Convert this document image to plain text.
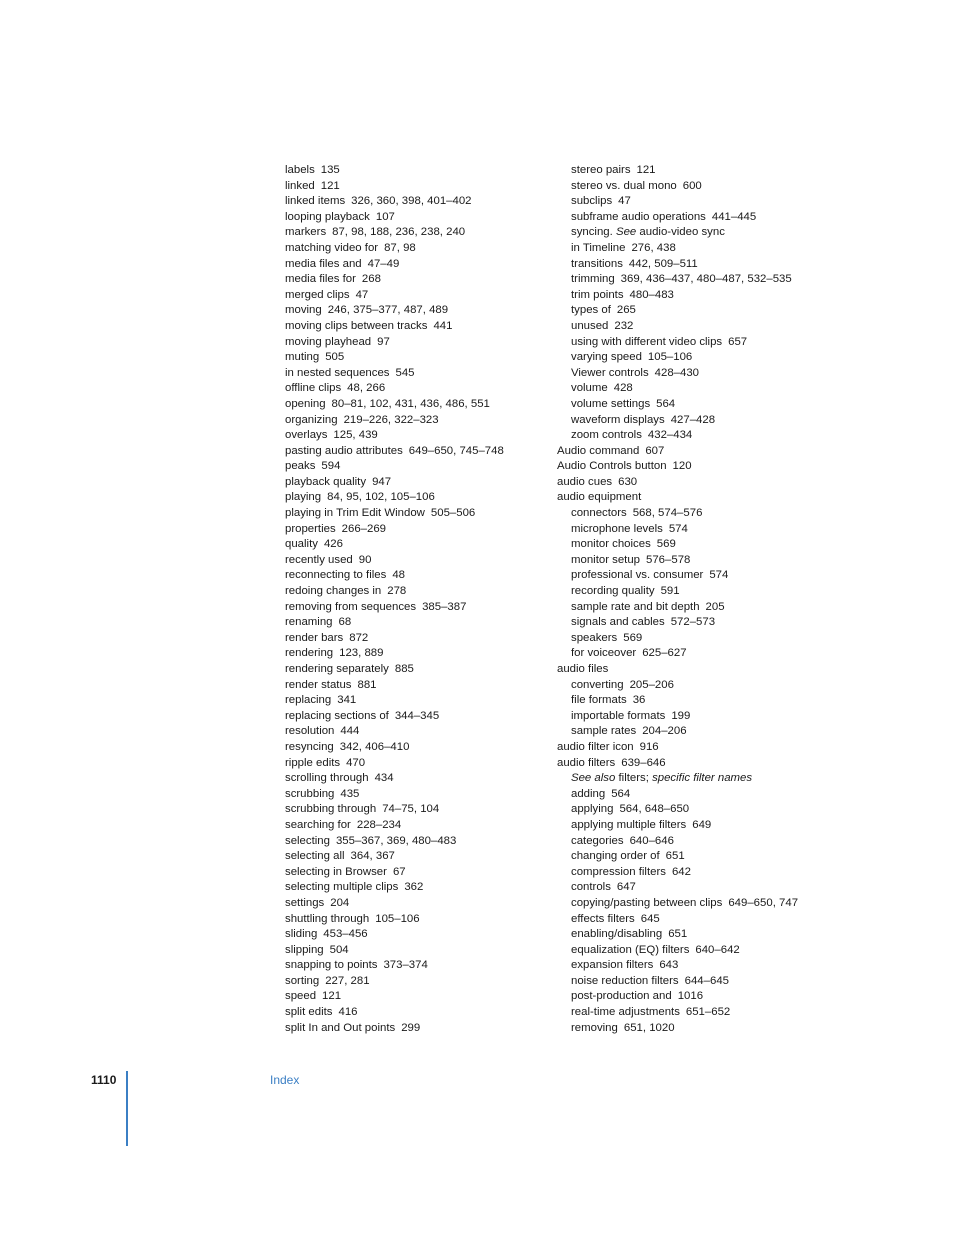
labels 135
linked 121
linked items 326, 360, 398, 401–402
looping playback 107
markers 87, 98, 188, 236, 238, 240
matching video for 87, 98
media files and 47–49
media files for 268
merged clips 47
moving 246, 375–377, 487, 489
moving clips between tracks 441
moving playhead 97
muting 505
in nested sequences 545
offline clips 48, 266
opening 80–81, 102, 431, 436, 486, 551
organizing 219–226, 322–323
overlays 125, 439
pasting audio attributes 649–650, 745–748
peaks 594
playback quality 947
playing 84, 95, 102, 105–106
playing in Trim Edit Window 505–506
properties 266–269
quality 426
recently used 90
reconnecting to files 48
redoing changes in 278
removing from sequences 385–387
renaming 68
render bars 872
rendering 123, 889
rendering separately 885
render status 881
replacing 341
replacing sections of 344–345
resolution 444
resyncing 342, 406–410
ripple edits 470
scrolling through 434
scrubbing 435
scrubbing through 74–75, 104
searching for 228–234
selecting 355–367, 369, 480–483
selecting all 364, 367
selecting in Browser 67
selecting multiple clips 362
settings 204
shuttling through 105–106
sliding 453–456
slipping 504
snapping to points 373–374
sorting 227, 281
speed 121
split edits 416
split In and Out points 299
stereo pairs 121
stereo vs. dual mono 600
subclips 47
subframe audio operations 441–445
syncing. See audio-video sync
in Timeline 276, 438
transitions 442, 509–511
trimming 369, 436–437, 480–487, 532–535
trim points 480–483
types of 265
unused 232
using with different video clips 657
varying speed 105–106
Viewer controls 428–430
volume 428
volume settings 564
waveform displays 427–428
zoom controls 432–434
Audio command 607
Audio Controls button 120
audio cues 630
audio equipment
connectors 568, 574–576
microphone levels 574
monitor choices 569
monitor setup 576–578
professional vs. consumer 574
recording quality 591
sample rate and bit depth 205
signals and cables 572–573
speakers 569
for voiceover 625–627
audio files
converting 205–206
file formats 36
importable formats 199
sample rates 204–206
audio filter icon 916
audio filters 639–646
See also filters; specific filter names
adding 564
applying 564, 648–650
applying multiple filters 649
categories 640–646
changing order of 651
compression filters 642
controls 647
copying/pasting between clips 649–650, 747
effects filters 645
enabling/disabling 651
equalization (EQ) filters 640–642
expansion filters 643
noise reduction filters 644–645
post-production and 1016
real-time adjustments 651–652
removing 651, 1020
1110	Index
